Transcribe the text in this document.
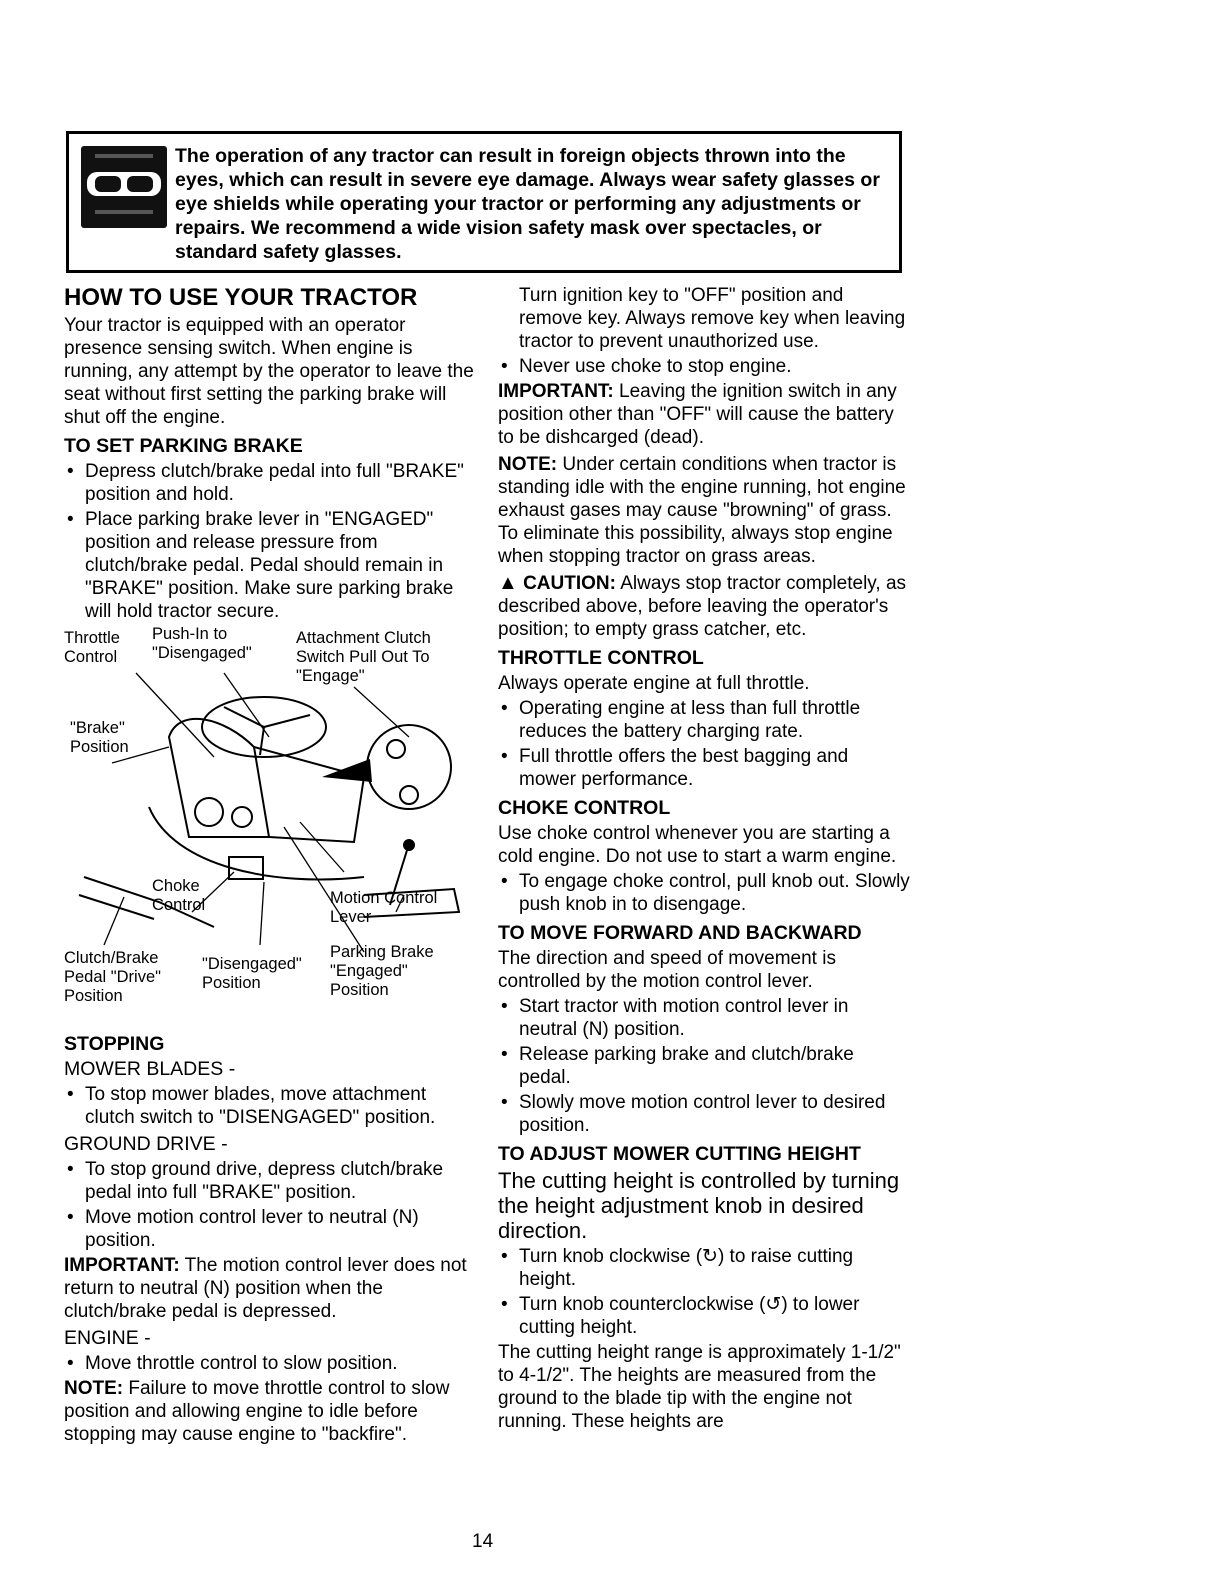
The operation of any tractor can result in foreign objects thrown into the eyes, which can result in severe eye damage. Always wear safety glasses or eye shields while operating your tractor or performing any adjustments or repairs. We recommend a wide vision safety mask over spectacles, or standard safety glasses.
HOW TO USE YOUR TRACTOR

Your tractor is equipped with an operator presence sensing switch. When engine is running, any attempt by the operator to leave the seat without first setting the parking brake will shut off the engine.

TO SET PARKING BRAKE
• Depress clutch/brake pedal into full "BRAKE" position and hold.
• Place parking brake lever in "ENGAGED" position and release pressure from clutch/brake pedal. Pedal should remain in "BRAKE" position. Make sure parking brake will hold tractor secure.
Throttle Control
Push-In to "Disengaged"
Attachment Clutch Switch Pull Out To "Engage"
"Brake" Position
Choke Control	Motion Control Lever
Clutch/Brake Pedal "Drive" Position
"Disengaged" Position
Parking Brake "Engaged" Position
STOPPING
MOWER BLADES -
• To stop mower blades, move attachment clutch switch to "DISENGAGED" position.
GROUND DRIVE -
• To stop ground drive, depress clutch/brake pedal into full "BRAKE" position.
• Move motion control lever to neutral (N) position.

IMPORTANT: The motion control lever does not return to neutral (N) position when the clutch/brake pedal is depressed.

ENGINE -
• Move throttle control to slow position.

NOTE: Failure to move throttle control to slow position and allowing engine to idle before stopping may cause engine to "backfire".

Turn ignition key to "OFF" position and remove key. Always remove key when leaving tractor to prevent unauthorized use.

• Never use choke to stop engine.

IMPORTANT: Leaving the ignition switch in any position other than "OFF" will cause the battery to be dishcarged (dead).

NOTE: Under certain conditions when tractor is standing idle with the engine running, hot engine exhaust gases may cause "browning" of grass. To eliminate this possibility, always stop engine when stopping tractor on grass areas.

▲ CAUTION: Always stop tractor completely, as described above, before leaving the operator's position; to empty grass catcher, etc.

THROTTLE CONTROL

Always operate engine at full throttle.

• Operating engine at less than full throttle reduces the battery charging rate.
• Full throttle offers the best bagging and mower performance.
CHOKE CONTROL

Use choke control whenever you are starting a cold engine. Do not use to start a warm engine.

• To engage choke control, pull knob out. Slowly push knob in to disengage.
TO MOVE FORWARD AND BACKWARD

The direction and speed of movement is controlled by the motion control lever.

• Start tractor with motion control lever in neutral (N) position.
• Release parking brake and clutch/brake pedal.
• Slowly move motion control lever to desired position.
TO ADJUST MOWER CUTTING HEIGHT

The cutting height is controlled by turning the height adjustment knob in desired direction.

• Turn knob clockwise (↻) to raise cutting height.
• Turn knob counterclockwise (↺) to lower cutting height.

The cutting height range is approximately 1-1/2" to 4-1/2". The heights are measured from the ground to the blade tip with the engine not running. These heights are

14
